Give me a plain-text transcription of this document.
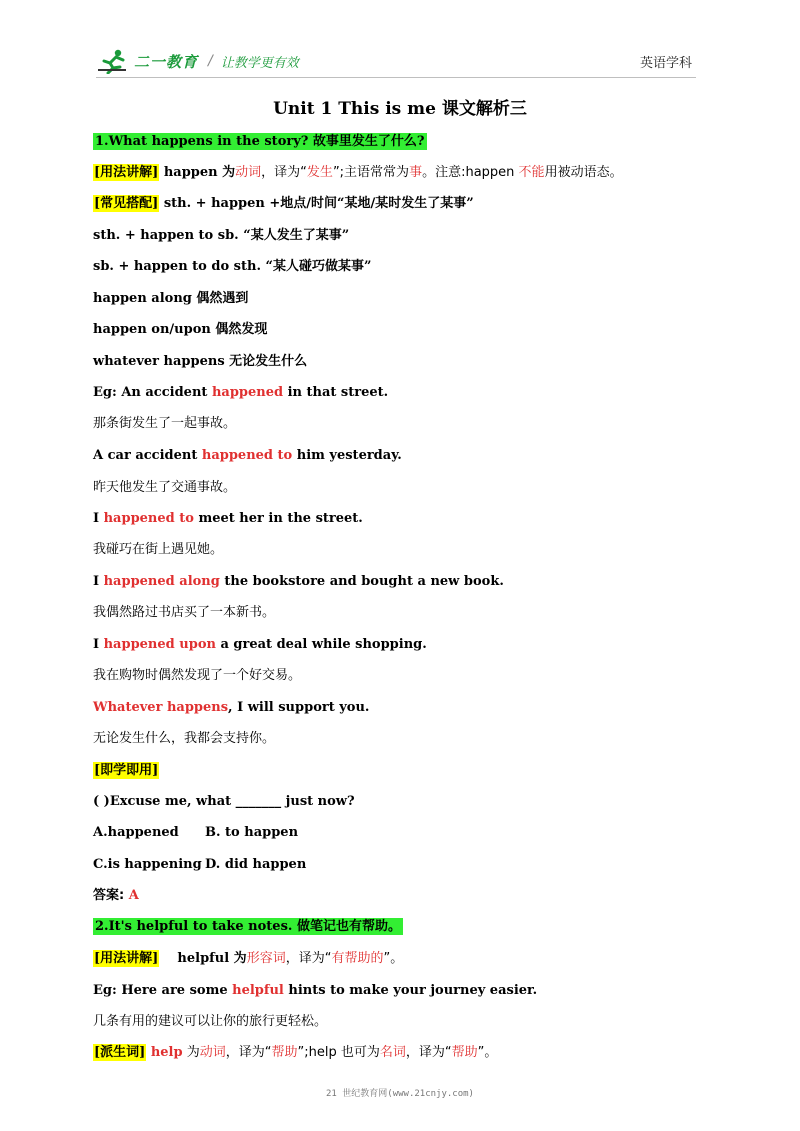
二一教育 / 让教学更有效	英语学科
Unit 1 This is me 课文解析三
1.What happens in the story? 故事里发生了什么?
[用法讲解] happen 为动词，译为“发生”;主语常常为事。注意:happen 不能用被动语态。
[常见搭配] sth. + happen +地点/时间“某地/某时发生了某事”
sth. + happen to sb. “某人发生了某事”
sb. + happen to do sth. “某人碰巧做某事”
happen along 偶然遇到
happen on/upon 偶然发现
whatever happens 无论发生什么
Eg: An accident happened in that street.
那条街发生了一起事故。
A car accident happened to him yesterday.
昨天他发生了交通事故。
I happened to meet her in the street.
我碰巧在街上遇见她。
I happened along the bookstore and bought a new book.
我偶然路过书店买了一本新书。
I happened upon a great deal while shopping.
我在购物时偶然发现了一个好交易。
Whatever happens, I will support you.
无论发生什么，我都会支持你。
[即学即用]
( )Excuse me, what _______ just now?
A.happened B. to happen
C.is happening D. did happen
答案: A
2.It's helpful to take notes. 做笔记也有帮助。
[用法讲解]    helpful 为形容词，译为“有帮助的”。
Eg: Here are some helpful hints to make your journey easier.
几条有用的建议可以让你的旅行更轻松。
[派生词] help 为动词，译为“帮助”;help 也可为名词，译为“帮助”。
21 世纪教育网(www.21cnjy.com)
